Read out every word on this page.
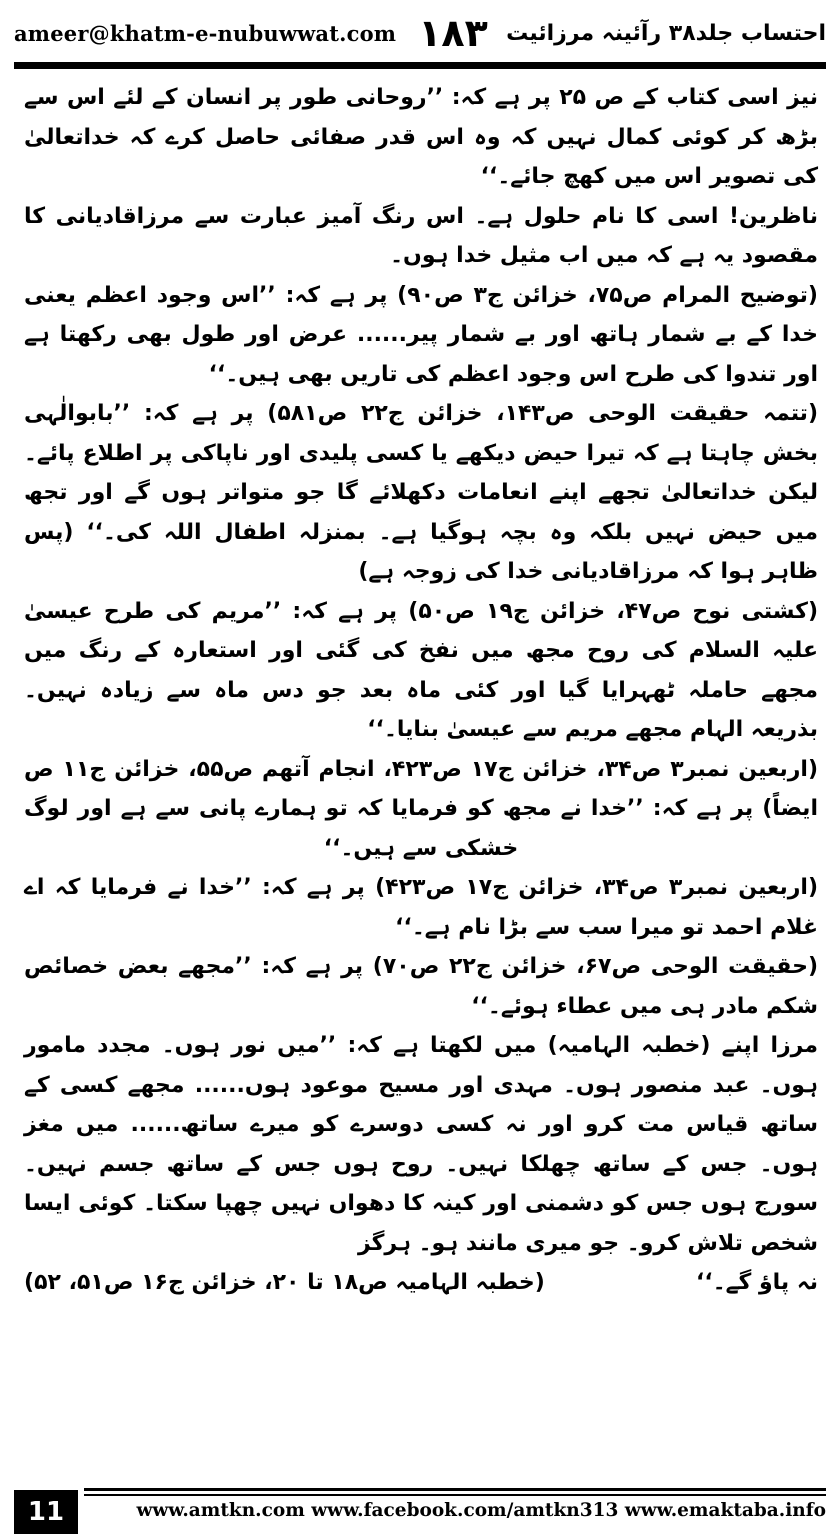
ameer@khatm-e-nubuwwat.com ۱۸۳ احتساب جلد۳۸ رآئینہ مرزائیت

نیز اسی کتاب کے ص ۲۵ پر ہے کہ: ’’روحانی طور پر انسان کے لئے اس سے بڑھ کر کوئی کمال نہیں کہ وہ اس قدر صفائی حاصل کرے کہ خداتعالیٰ کی تصویر اس میں کھچ جائے۔‘‘

ناظرین! اسی کا نام حلول ہے۔ اس رنگ آمیز عبارت سے مرزاقادیانی کا مقصود یہ ہے کہ میں اب مثیل خدا ہوں۔

(توضیح المرام ص۷۵، خزائن ج۳ ص۹۰) پر ہے کہ: ’’اس وجود اعظم یعنی خدا کے بے شمار ہاتھ اور بے شمار پیر...... عرض اور طول بھی رکھتا ہے اور تندوا کی طرح اس وجود اعظم کی تاریں بھی ہیں۔‘‘

(تتمہ حقیقت الوحی ص۱۴۳، خزائن ج۲۲ ص۵۸۱) پر ہے کہ: ’’بابوالٰہی بخش چاہتا ہے کہ تیرا حیض دیکھے یا کسی پلیدی اور ناپاکی پر اطلاع پائے۔ لیکن خداتعالیٰ تجھے اپنے انعامات دکھلائے گا جو متواتر ہوں گے اور تجھ میں حیض نہیں بلکہ وہ بچہ ہوگیا ہے۔ بمنزلہ اطفال اللہ کی۔‘‘ (پس ظاہر ہوا کہ مرزاقادیانی خدا کی زوجہ ہے)

(کشتی نوح ص۴۷، خزائن ج۱۹ ص۵۰) پر ہے کہ: ’’مریم کی طرح عیسیٰ علیہ السلام کی روح مجھ میں نفخ کی گئی اور استعارہ کے رنگ میں مجھے حاملہ ٹھہرایا گیا اور کئی ماہ بعد جو دس ماہ سے زیادہ نہیں۔ بذریعہ الہام مجھے مریم سے عیسیٰ بنایا۔‘‘

(اربعین نمبر۳ ص۳۴، خزائن ج۱۷ ص۴۲۳، انجام آتھم ص۵۵، خزائن ج۱۱ ص ایضاً) پر ہے کہ: ’’خدا نے مجھ کو فرمایا کہ تو ہمارے پانی سے ہے اور لوگ خشکی سے ہیں۔‘‘

(اربعین نمبر۳ ص۳۴، خزائن ج۱۷ ص۴۲۳) پر ہے کہ: ’’خدا نے فرمایا کہ اے غلام احمد تو میرا سب سے بڑا نام ہے۔‘‘

(حقیقت الوحی ص۶۷، خزائن ج۲۲ ص۷۰) پر ہے کہ: ’’مجھے بعض خصائص شکم مادر ہی میں عطاء ہوئے۔‘‘

مرزا اپنے (خطبہ الہامیہ) میں لکھتا ہے کہ: ’’میں نور ہوں۔ مجدد مامور ہوں۔ عبد منصور ہوں۔ مہدی اور مسیح موعود ہوں...... مجھے کسی کے ساتھ قیاس مت کرو اور نہ کسی دوسرے کو میرے ساتھ...... میں مغز ہوں۔ جس کے ساتھ چھلکا نہیں۔ روح ہوں جس کے ساتھ جسم نہیں۔ سورج ہوں جس کو دشمنی اور کینہ کا دھواں نہیں چھپا سکتا۔ کوئی ایسا شخص تلاش کرو۔ جو میری مانند ہو۔ ہرگز

نہ پاؤ گے۔‘‘
(خطبہ الہامیہ ص۱۸ تا ۲۰، خزائن ج۱۶ ص۵۱، ۵۲)
11	www.amtkn.com www.facebook.com/amtkn313 www.emaktaba.info
